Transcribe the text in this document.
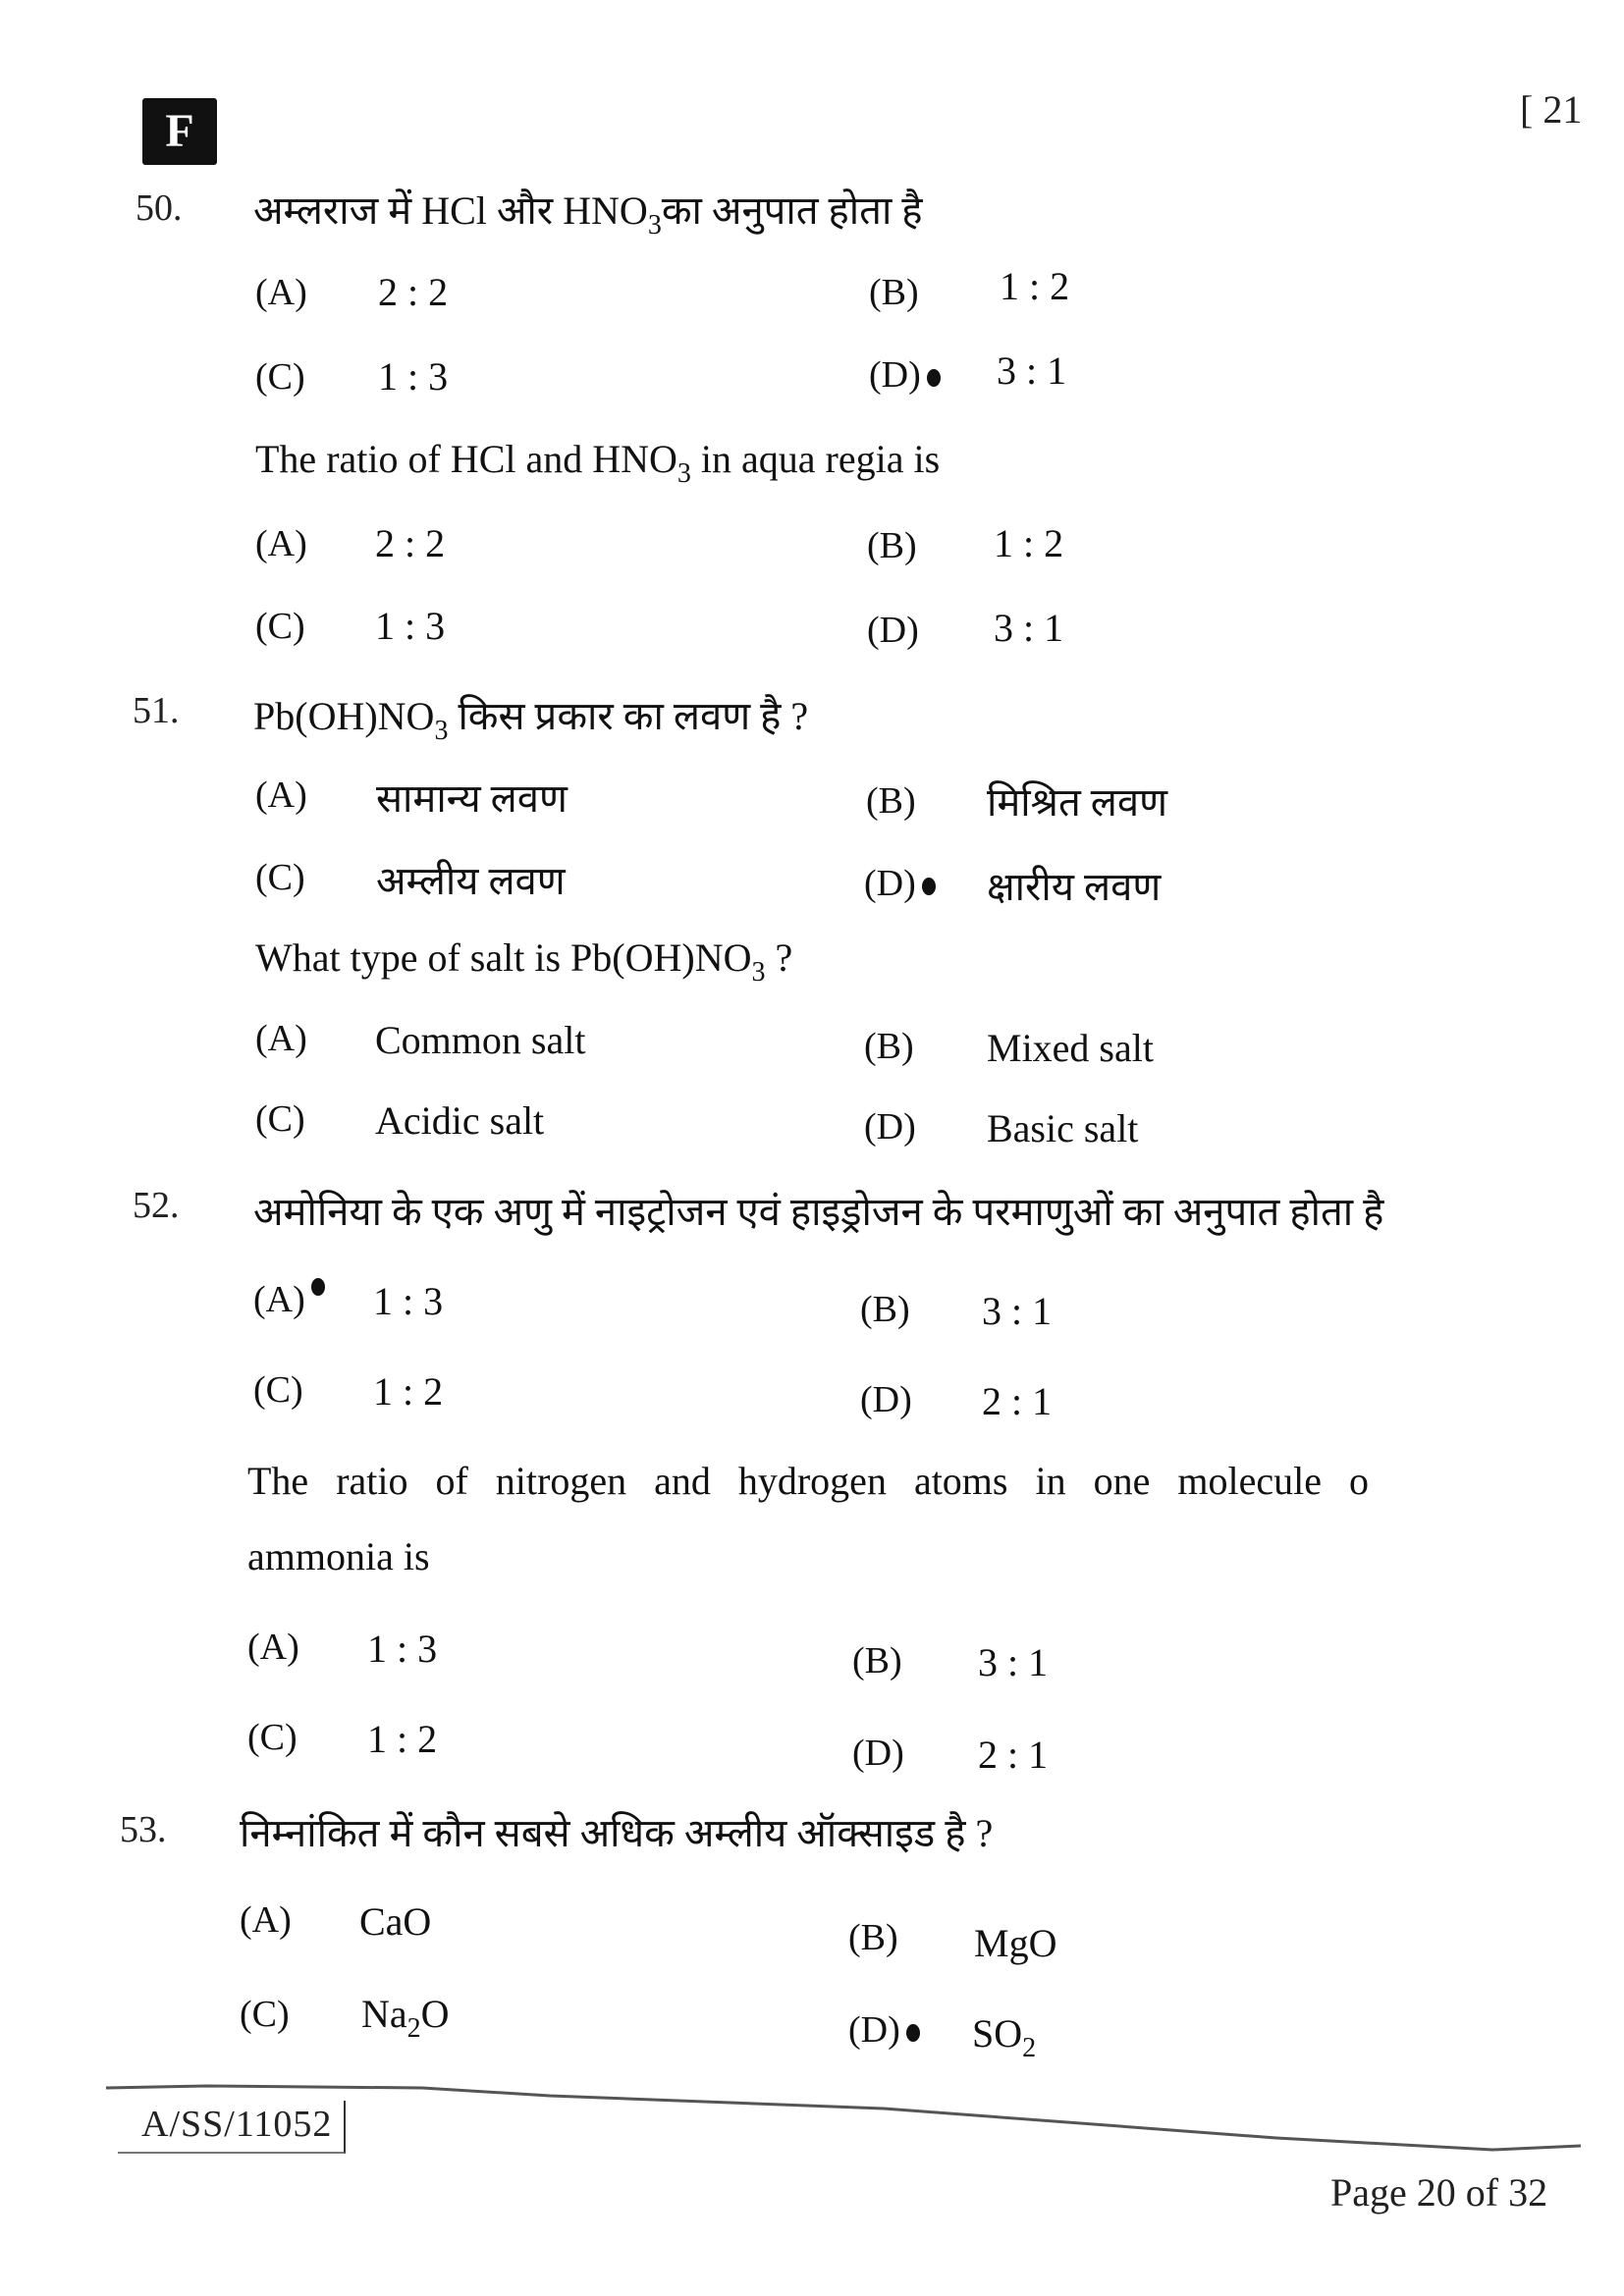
F	[ 21
50. अम्लराज में HCl और $HNO_3का$ अनुपात होता है
(A) 2 : 2	(B) 1 : 2
(C) 1 : 3	(D)	3 : 1
The ratio of HCl and $HNO_3$ in aqua regia is
(A) 2 : 2	(B) 1 : 2
(C) 1 : 3	(D) 3 : 1
51. $Pb(OH)NO_3$ किस प्रकार का लवण है ?
(A) सामान्य लवण	(B) मिश्रित लवण
(C) अम्लीय लवण	(D)	क्षारीय लवण
What type of salt is $Pb(OH)NO_3$ ?
(A) Common salt	(B) Mixed salt
(C) Acidic salt	(D) Basic salt
52. अमोनिया के एक अणु में नाइट्रोजन एवं हाइड्रोजन के परमाणुओं का अनुपात होता है
(A)	1 : 3	(B) 3 : 1
(C) 1 : 2	(D) 2 : 1
The ratio of nitrogen and hydrogen atoms in one molecule o
ammonia is
(A) 1 : 3	(B) 3 : 1
(C) 1 : 2	(D) 2 : 1
53. निम्नांकित में कौन सबसे अधिक अम्लीय ऑक्साइड है ?
(A) CaO	(B) MgO
(C) $Na_2O$	(D)	$SO_2$
A/SS/11052
Page 20 of 32
